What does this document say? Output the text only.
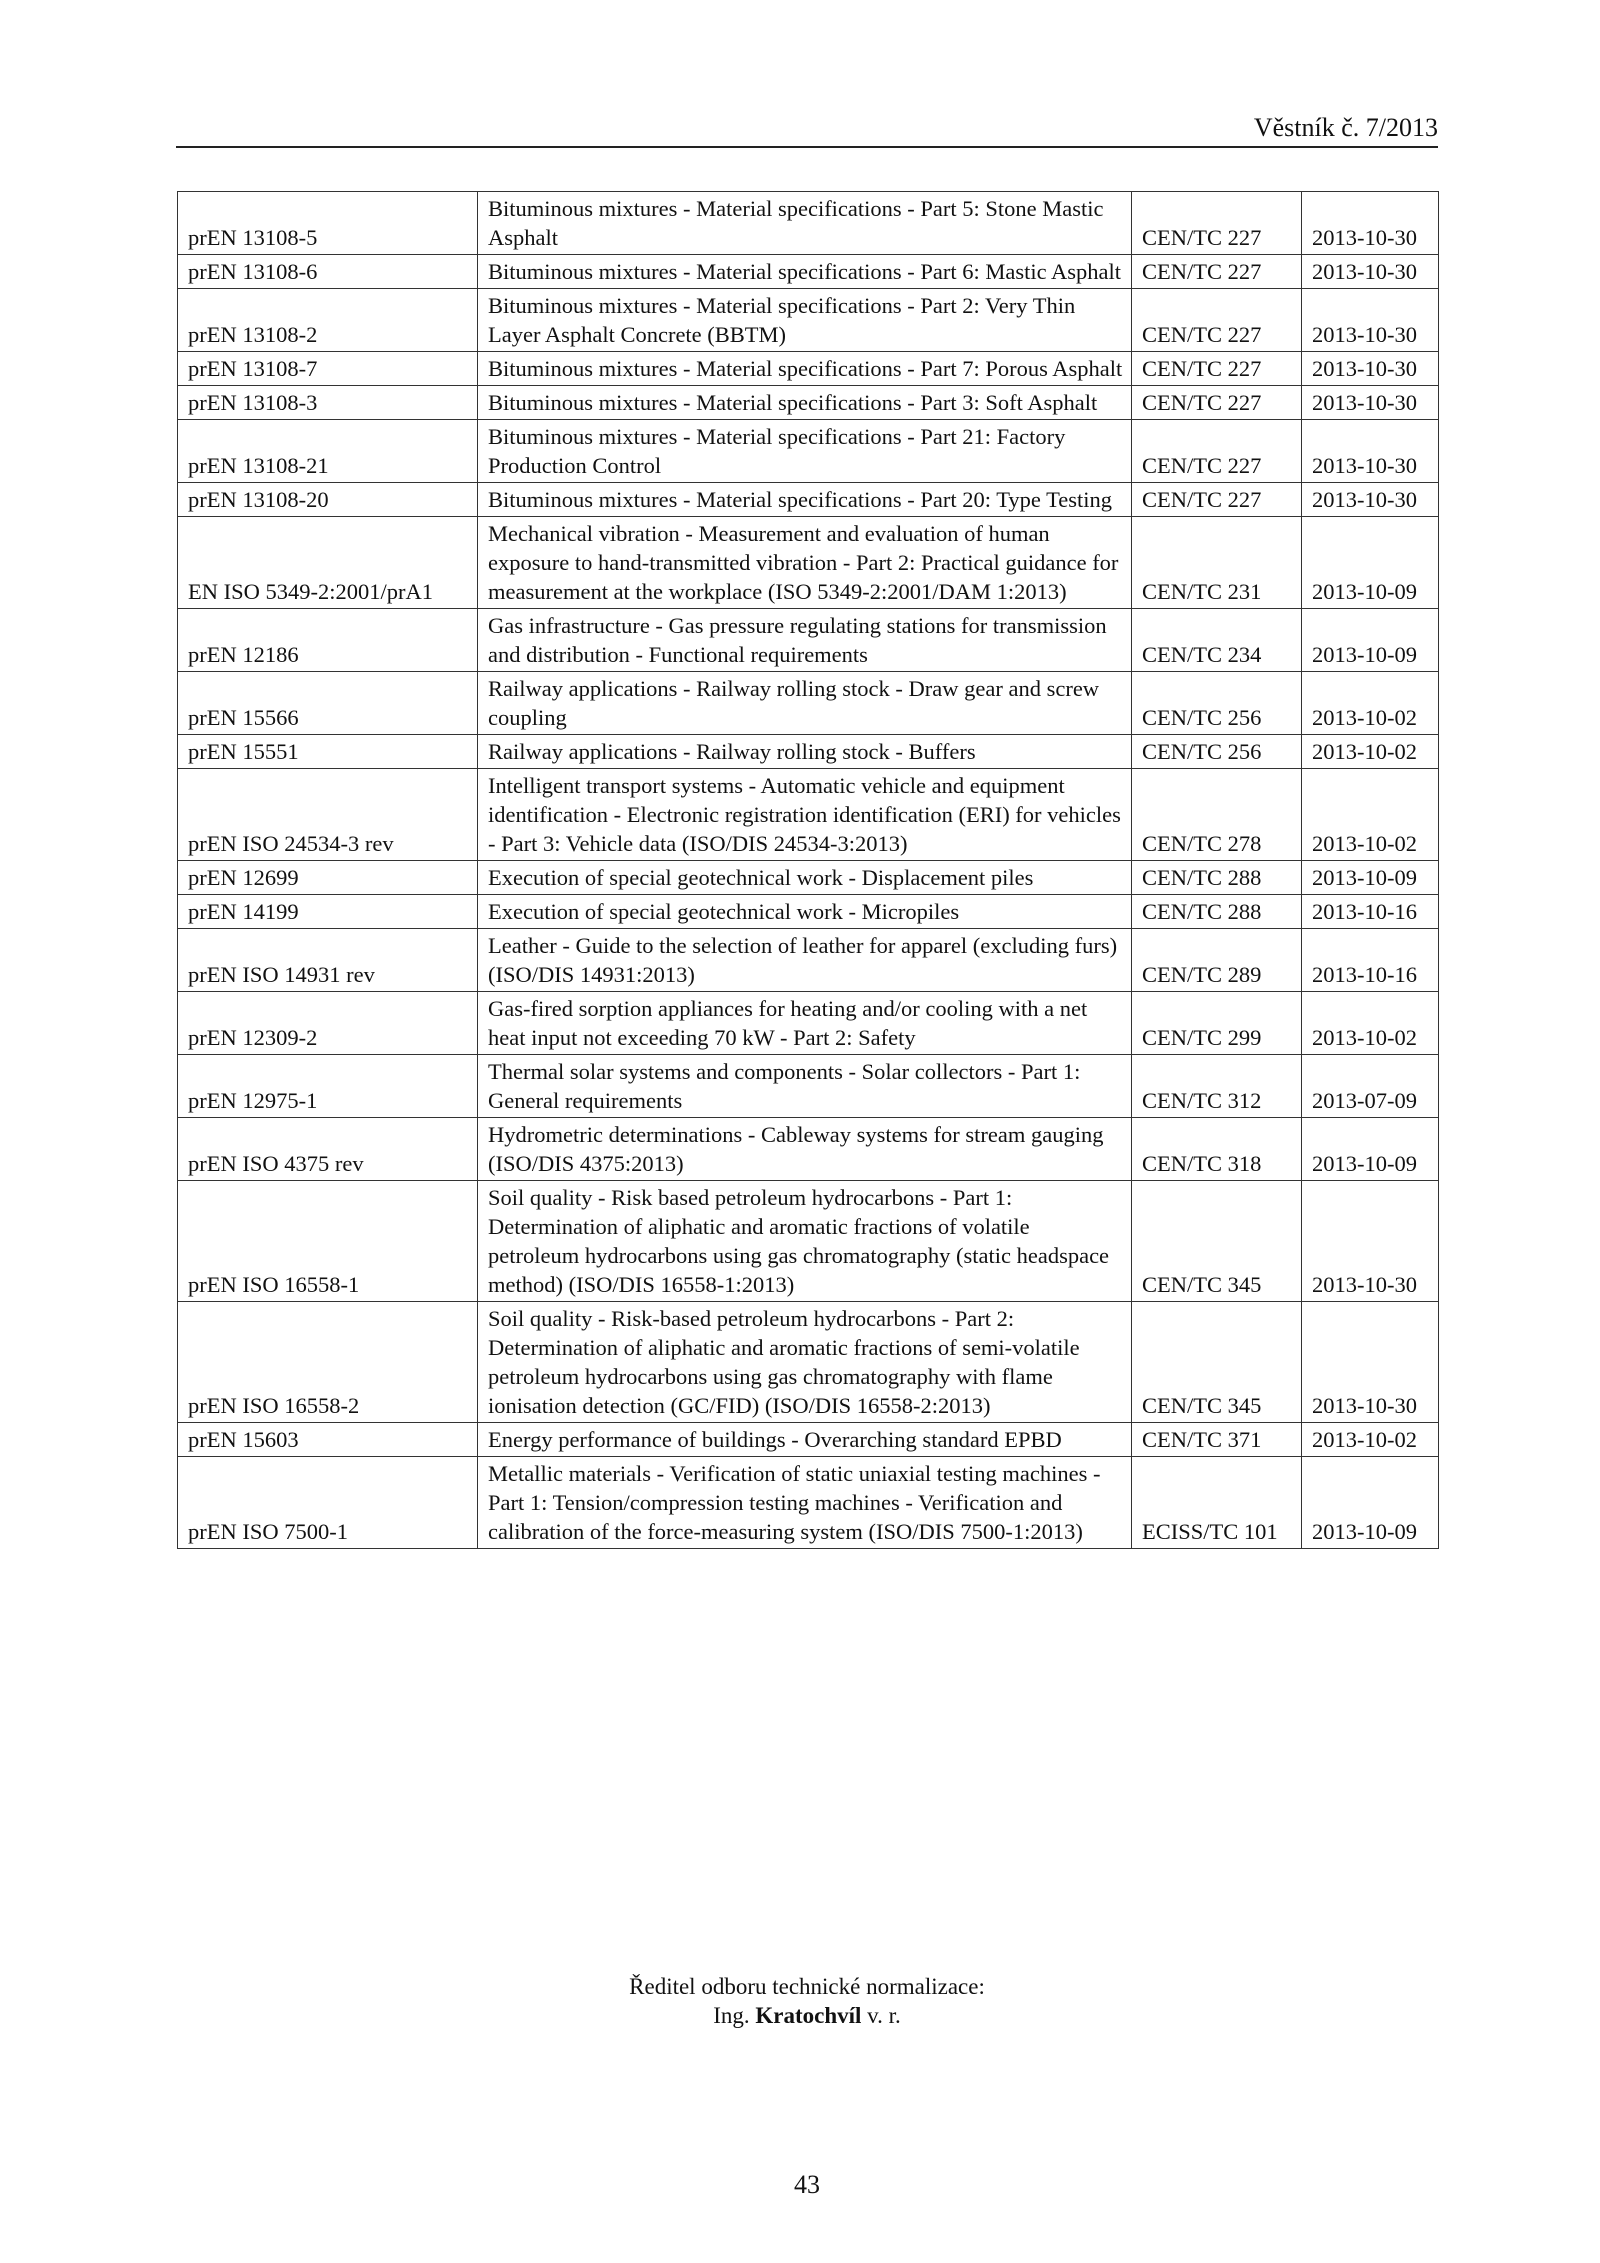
Věstník č. 7/2013
prEN 13108-5	Bituminous mixtures - Material specifications - Part 5: Stone Mastic Asphalt	CEN/TC 227	2013-10-30
prEN 13108-6	Bituminous mixtures - Material specifications - Part 6: Mastic Asphalt	CEN/TC 227	2013-10-30
prEN 13108-2	Bituminous mixtures - Material specifications - Part 2: Very Thin Layer Asphalt Concrete (BBTM)	CEN/TC 227	2013-10-30
prEN 13108-7	Bituminous mixtures - Material specifications - Part 7: Porous Asphalt	CEN/TC 227	2013-10-30
prEN 13108-3	Bituminous mixtures - Material specifications - Part 3: Soft Asphalt	CEN/TC 227	2013-10-30
prEN 13108-21	Bituminous mixtures - Material specifications - Part 21: Factory Production Control	CEN/TC 227	2013-10-30
prEN 13108-20	Bituminous mixtures - Material specifications - Part 20: Type Testing	CEN/TC 227	2013-10-30
EN ISO 5349-2:2001/prA1	Mechanical vibration - Measurement and evaluation of human exposure to hand-transmitted vibration - Part 2: Practical guidance for measurement at the workplace (ISO 5349-2:2001/DAM 1:2013)	CEN/TC 231	2013-10-09
prEN 12186	Gas infrastructure - Gas pressure regulating stations for transmission and distribution - Functional requirements	CEN/TC 234	2013-10-09
prEN 15566	Railway applications - Railway rolling stock - Draw gear and screw coupling	CEN/TC 256	2013-10-02
prEN 15551	Railway applications - Railway rolling stock - Buffers	CEN/TC 256	2013-10-02
prEN ISO 24534-3 rev	Intelligent transport systems - Automatic vehicle and equipment identification - Electronic registration identification (ERI) for vehicles - Part 3: Vehicle data (ISO/DIS 24534-3:2013)	CEN/TC 278	2013-10-02
prEN 12699	Execution of special geotechnical work - Displacement piles	CEN/TC 288	2013-10-09
prEN 14199	Execution of special geotechnical work - Micropiles	CEN/TC 288	2013-10-16
prEN ISO 14931 rev	Leather - Guide to the selection of leather for apparel (excluding furs) (ISO/DIS 14931:2013)	CEN/TC 289	2013-10-16
prEN 12309-2	Gas-fired sorption appliances for heating and/or cooling with a net heat input not exceeding 70 kW - Part 2: Safety	CEN/TC 299	2013-10-02
prEN 12975-1	Thermal solar systems and components - Solar collectors - Part 1: General requirements	CEN/TC 312	2013-07-09
prEN ISO 4375 rev	Hydrometric determinations - Cableway systems for stream gauging (ISO/DIS 4375:2013)	CEN/TC 318	2013-10-09
prEN ISO 16558-1	Soil quality - Risk based petroleum hydrocarbons - Part 1: Determination of aliphatic and aromatic fractions of volatile petroleum hydrocarbons using gas chromatography (static headspace method) (ISO/DIS 16558-1:2013)	CEN/TC 345	2013-10-30
prEN ISO 16558-2	Soil quality - Risk-based petroleum hydrocarbons - Part 2: Determination of aliphatic and aromatic fractions of semi-volatile petroleum hydrocarbons using gas chromatography with flame ionisation detection (GC/FID) (ISO/DIS 16558-2:2013)	CEN/TC 345	2013-10-30
prEN 15603	Energy performance of buildings - Overarching standard EPBD	CEN/TC 371	2013-10-02
prEN ISO 7500-1	Metallic materials - Verification of static uniaxial testing machines - Part 1: Tension/compression testing machines - Verification and calibration of the force-measuring system (ISO/DIS 7500-1:2013)	ECISS/TC 101	2013-10-09
Ředitel odboru technické normalizace:
Ing. Kratochvíl v. r.
43
